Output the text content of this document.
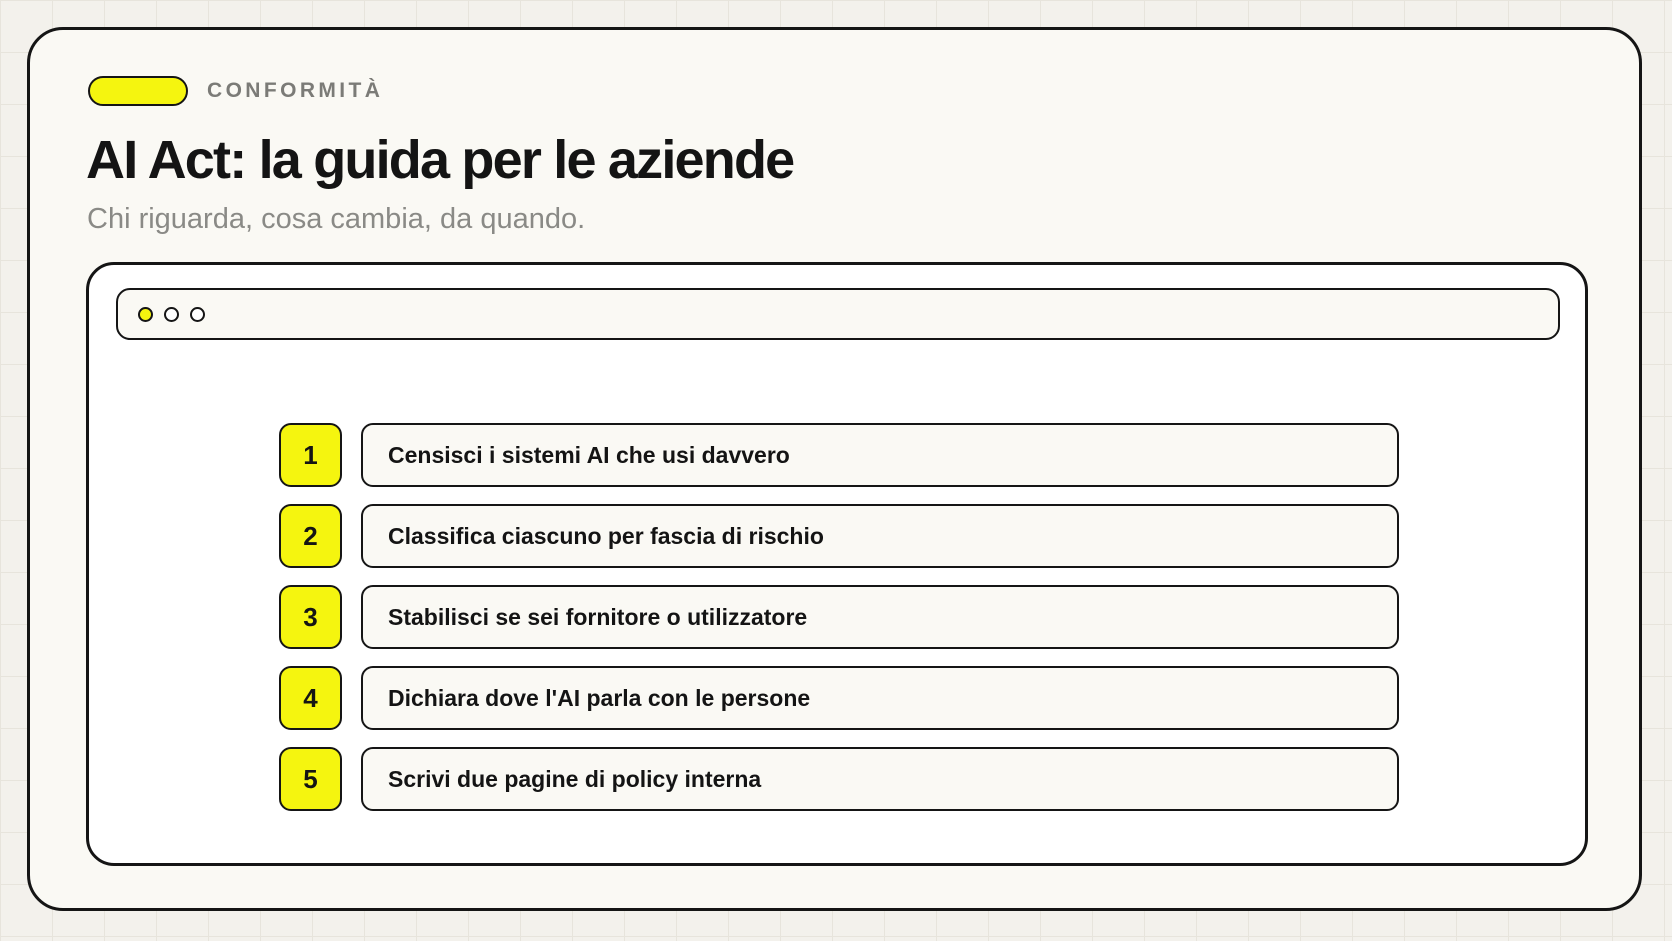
CONFORMITÀ
AI Act: la guida per le aziende

Chi riguarda, cosa cambia, da quando.

1	Censisci i sistemi AI che usi davvero
2	Classifica ciascuno per fascia di rischio
3	Stabilisci se sei fornitore o utilizzatore
4	Dichiara dove l'AI parla con le persone
5	Scrivi due pagine di policy interna
